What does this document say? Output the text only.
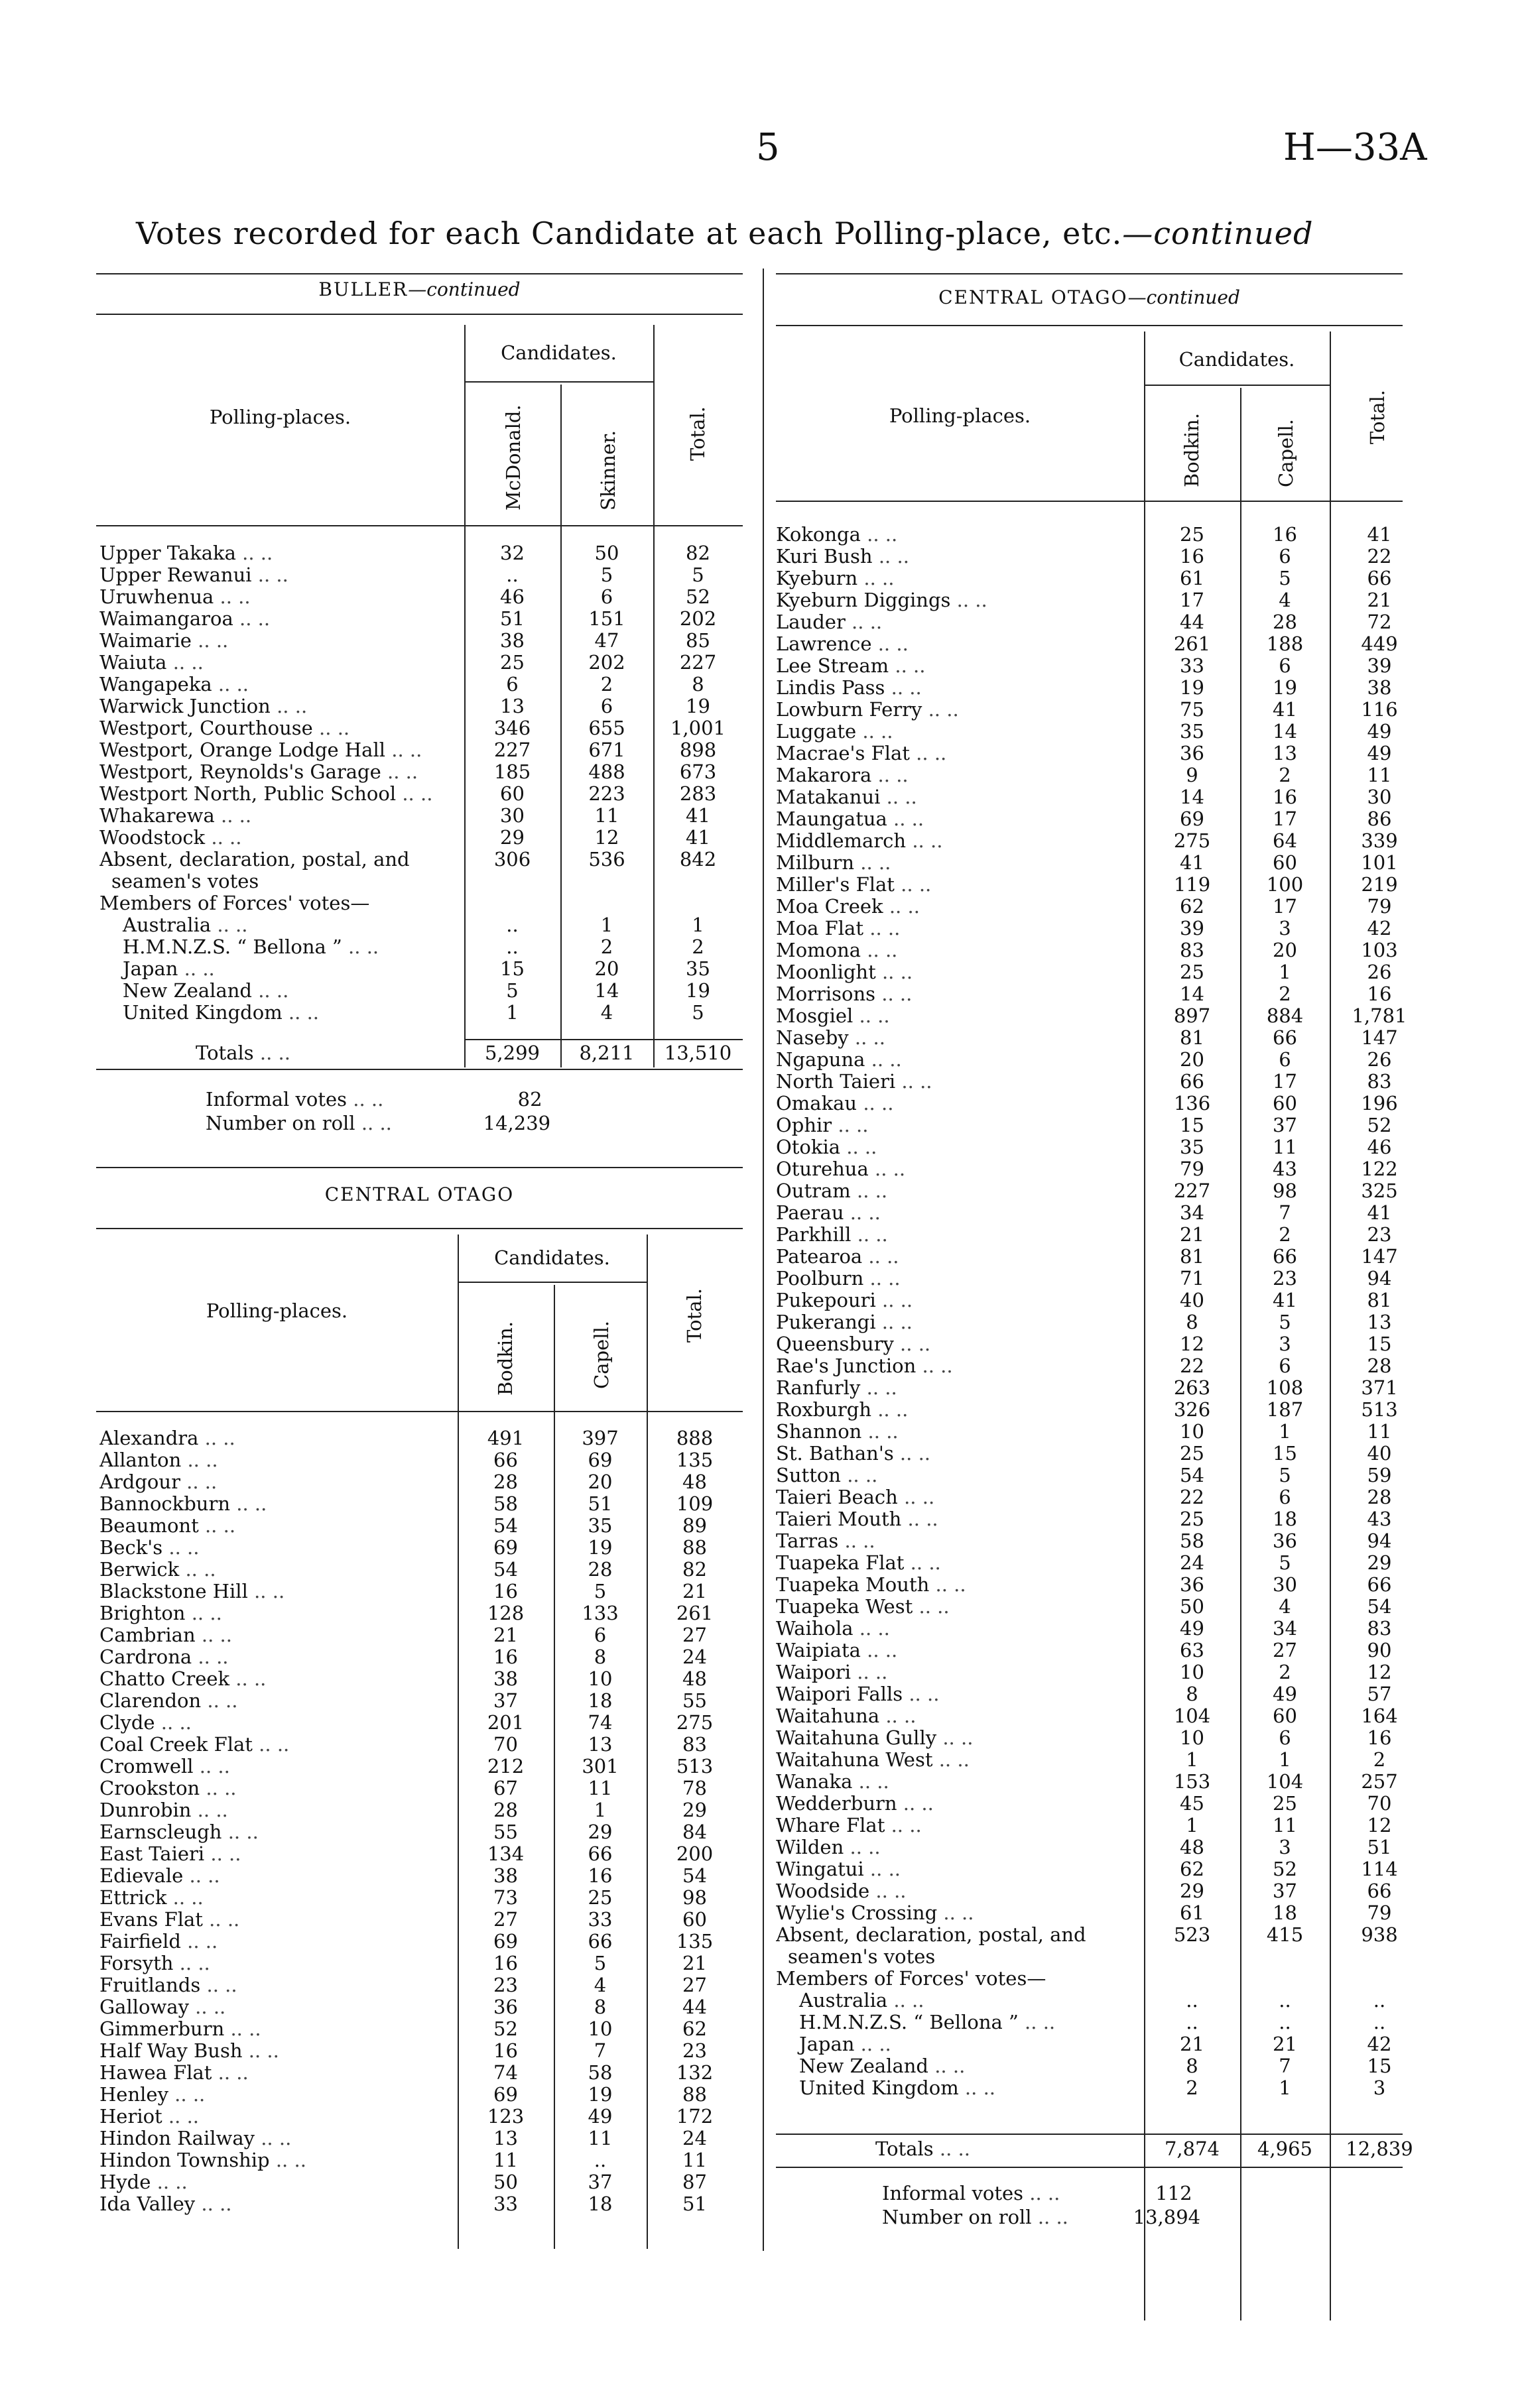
5	H—33A
Votes recorded for each Candidate at each Polling-place, etc.—continued
BULLER—continued
Candidates.
Polling-places.	McDonald.	Skinner.	Total.
Upper Takaka .. ..	32	50	82
Upper Rewanui .. ..	..	5	5
Uruwhenua .. ..	46	6	52
Waimangaroa .. ..	51	151	202
Waimarie .. ..	38	47	85
Waiuta .. ..	25	202	227
Wangapeka .. ..	6	2	8
Warwick Junction .. ..	13	6	19
Westport, Courthouse .. ..	346	655	1,001
Westport, Orange Lodge Hall .. ..	227	671	898
Westport, Reynolds's Garage .. ..	185	488	673
Westport North, Public School .. ..	60	223	283
Whakarewa .. ..	30	11	41
Woodstock .. ..	29	12	41
Absent, declaration, postal, and	306	536	842
seamen's votes			
Members of Forces' votes—			
Australia .. ..	..	1	1
H.M.N.Z.S. “ Bellona ” .. ..	..	2	2
Japan .. ..	15	20	35
New Zealand .. ..	5	14	19
United Kingdom .. ..	1	4	5
Totals .. ..	5,299	8,211	13,510
Informal votes .. ..	82
Number on roll .. ..	14,239
CENTRAL OTAGO
Candidates.
Polling-places.
Bodkin.	Capell.
Total.
Alexandra .. ..	491	397	888
Allanton .. ..	66	69	135
Ardgour .. ..	28	20	48
Bannockburn .. ..	58	51	109
Beaumont .. ..	54	35	89
Beck's .. ..	69	19	88
Berwick .. ..	54	28	82
Blackstone Hill .. ..	16	5	21
Brighton .. ..	128	133	261
Cambrian .. ..	21	6	27
Cardrona .. ..	16	8	24
Chatto Creek .. ..	38	10	48
Clarendon .. ..	37	18	55
Clyde .. ..	201	74	275
Coal Creek Flat .. ..	70	13	83
Cromwell .. ..	212	301	513
Crookston .. ..	67	11	78
Dunrobin .. ..	28	1	29
Earnscleugh .. ..	55	29	84
East Taieri .. ..	134	66	200
Edievale .. ..	38	16	54
Ettrick .. ..	73	25	98
Evans Flat .. ..	27	33	60
Fairfield .. ..	69	66	135
Forsyth .. ..	16	5	21
Fruitlands .. ..	23	4	27
Galloway .. ..	36	8	44
Gimmerburn .. ..	52	10	62
Half Way Bush .. ..	16	7	23
Hawea Flat .. ..	74	58	132
Henley .. ..	69	19	88
Heriot .. ..	123	49	172
Hindon Railway .. ..	13	11	24
Hindon Township .. ..	11	..	11
Hyde .. ..	50	37	87
Ida Valley .. ..	33	18	51
CENTRAL OTAGO—continued
Candidates.
Polling-places.	Bodkin.	Capell.
Total.
Kokonga .. ..	25	16	41
Kuri Bush .. ..	16	6	22
Kyeburn .. ..	61	5	66
Kyeburn Diggings .. ..	17	4	21
Lauder .. ..	44	28	72
Lawrence .. ..	261	188	449
Lee Stream .. ..	33	6	39
Lindis Pass .. ..	19	19	38
Lowburn Ferry .. ..	75	41	116
Luggate .. ..	35	14	49
Macrae's Flat .. ..	36	13	49
Makarora .. ..	9	2	11
Matakanui .. ..	14	16	30
Maungatua .. ..	69	17	86
Middlemarch .. ..	275	64	339
Milburn .. ..	41	60	101
Miller's Flat .. ..	119	100	219
Moa Creek .. ..	62	17	79
Moa Flat .. ..	39	3	42
Momona .. ..	83	20	103
Moonlight .. ..	25	1	26
Morrisons .. ..	14	2	16
Mosgiel .. ..	897	884	1,781
Naseby .. ..	81	66	147
Ngapuna .. ..	20	6	26
North Taieri .. ..	66	17	83
Omakau .. ..	136	60	196
Ophir .. ..	15	37	52
Otokia .. ..	35	11	46
Oturehua .. ..	79	43	122
Outram .. ..	227	98	325
Paerau .. ..	34	7	41
Parkhill .. ..	21	2	23
Patearoa .. ..	81	66	147
Poolburn .. ..	71	23	94
Pukepouri .. ..	40	41	81
Pukerangi .. ..	8	5	13
Queensbury .. ..	12	3	15
Rae's Junction .. ..	22	6	28
Ranfurly .. ..	263	108	371
Roxburgh .. ..	326	187	513
Shannon .. ..	10	1	11
St. Bathan's .. ..	25	15	40
Sutton .. ..	54	5	59
Taieri Beach .. ..	22	6	28
Taieri Mouth .. ..	25	18	43
Tarras .. ..	58	36	94
Tuapeka Flat .. ..	24	5	29
Tuapeka Mouth .. ..	36	30	66
Tuapeka West .. ..	50	4	54
Waihola .. ..	49	34	83
Waipiata .. ..	63	27	90
Waipori .. ..	10	2	12
Waipori Falls .. ..	8	49	57
Waitahuna .. ..	104	60	164
Waitahuna Gully .. ..	10	6	16
Waitahuna West .. ..	1	1	2
Wanaka .. ..	153	104	257
Wedderburn .. ..	45	25	70
Whare Flat .. ..	1	11	12
Wilden .. ..	48	3	51
Wingatui .. ..	62	52	114
Woodside .. ..	29	37	66
Wylie's Crossing .. ..	61	18	79
Absent, declaration, postal, and	523	415	938
seamen's votes			
Members of Forces' votes—			
Australia .. ..	..	..	..
H.M.N.Z.S. “ Bellona ” .. ..	..	..	..
Japan .. ..	21	21	42
New Zealand .. ..	8	7	15
United Kingdom .. ..	2	1	3
Totals .. ..	7,874	4,965	12,839
Informal votes .. ..	112
Number on roll .. ..	13,894
